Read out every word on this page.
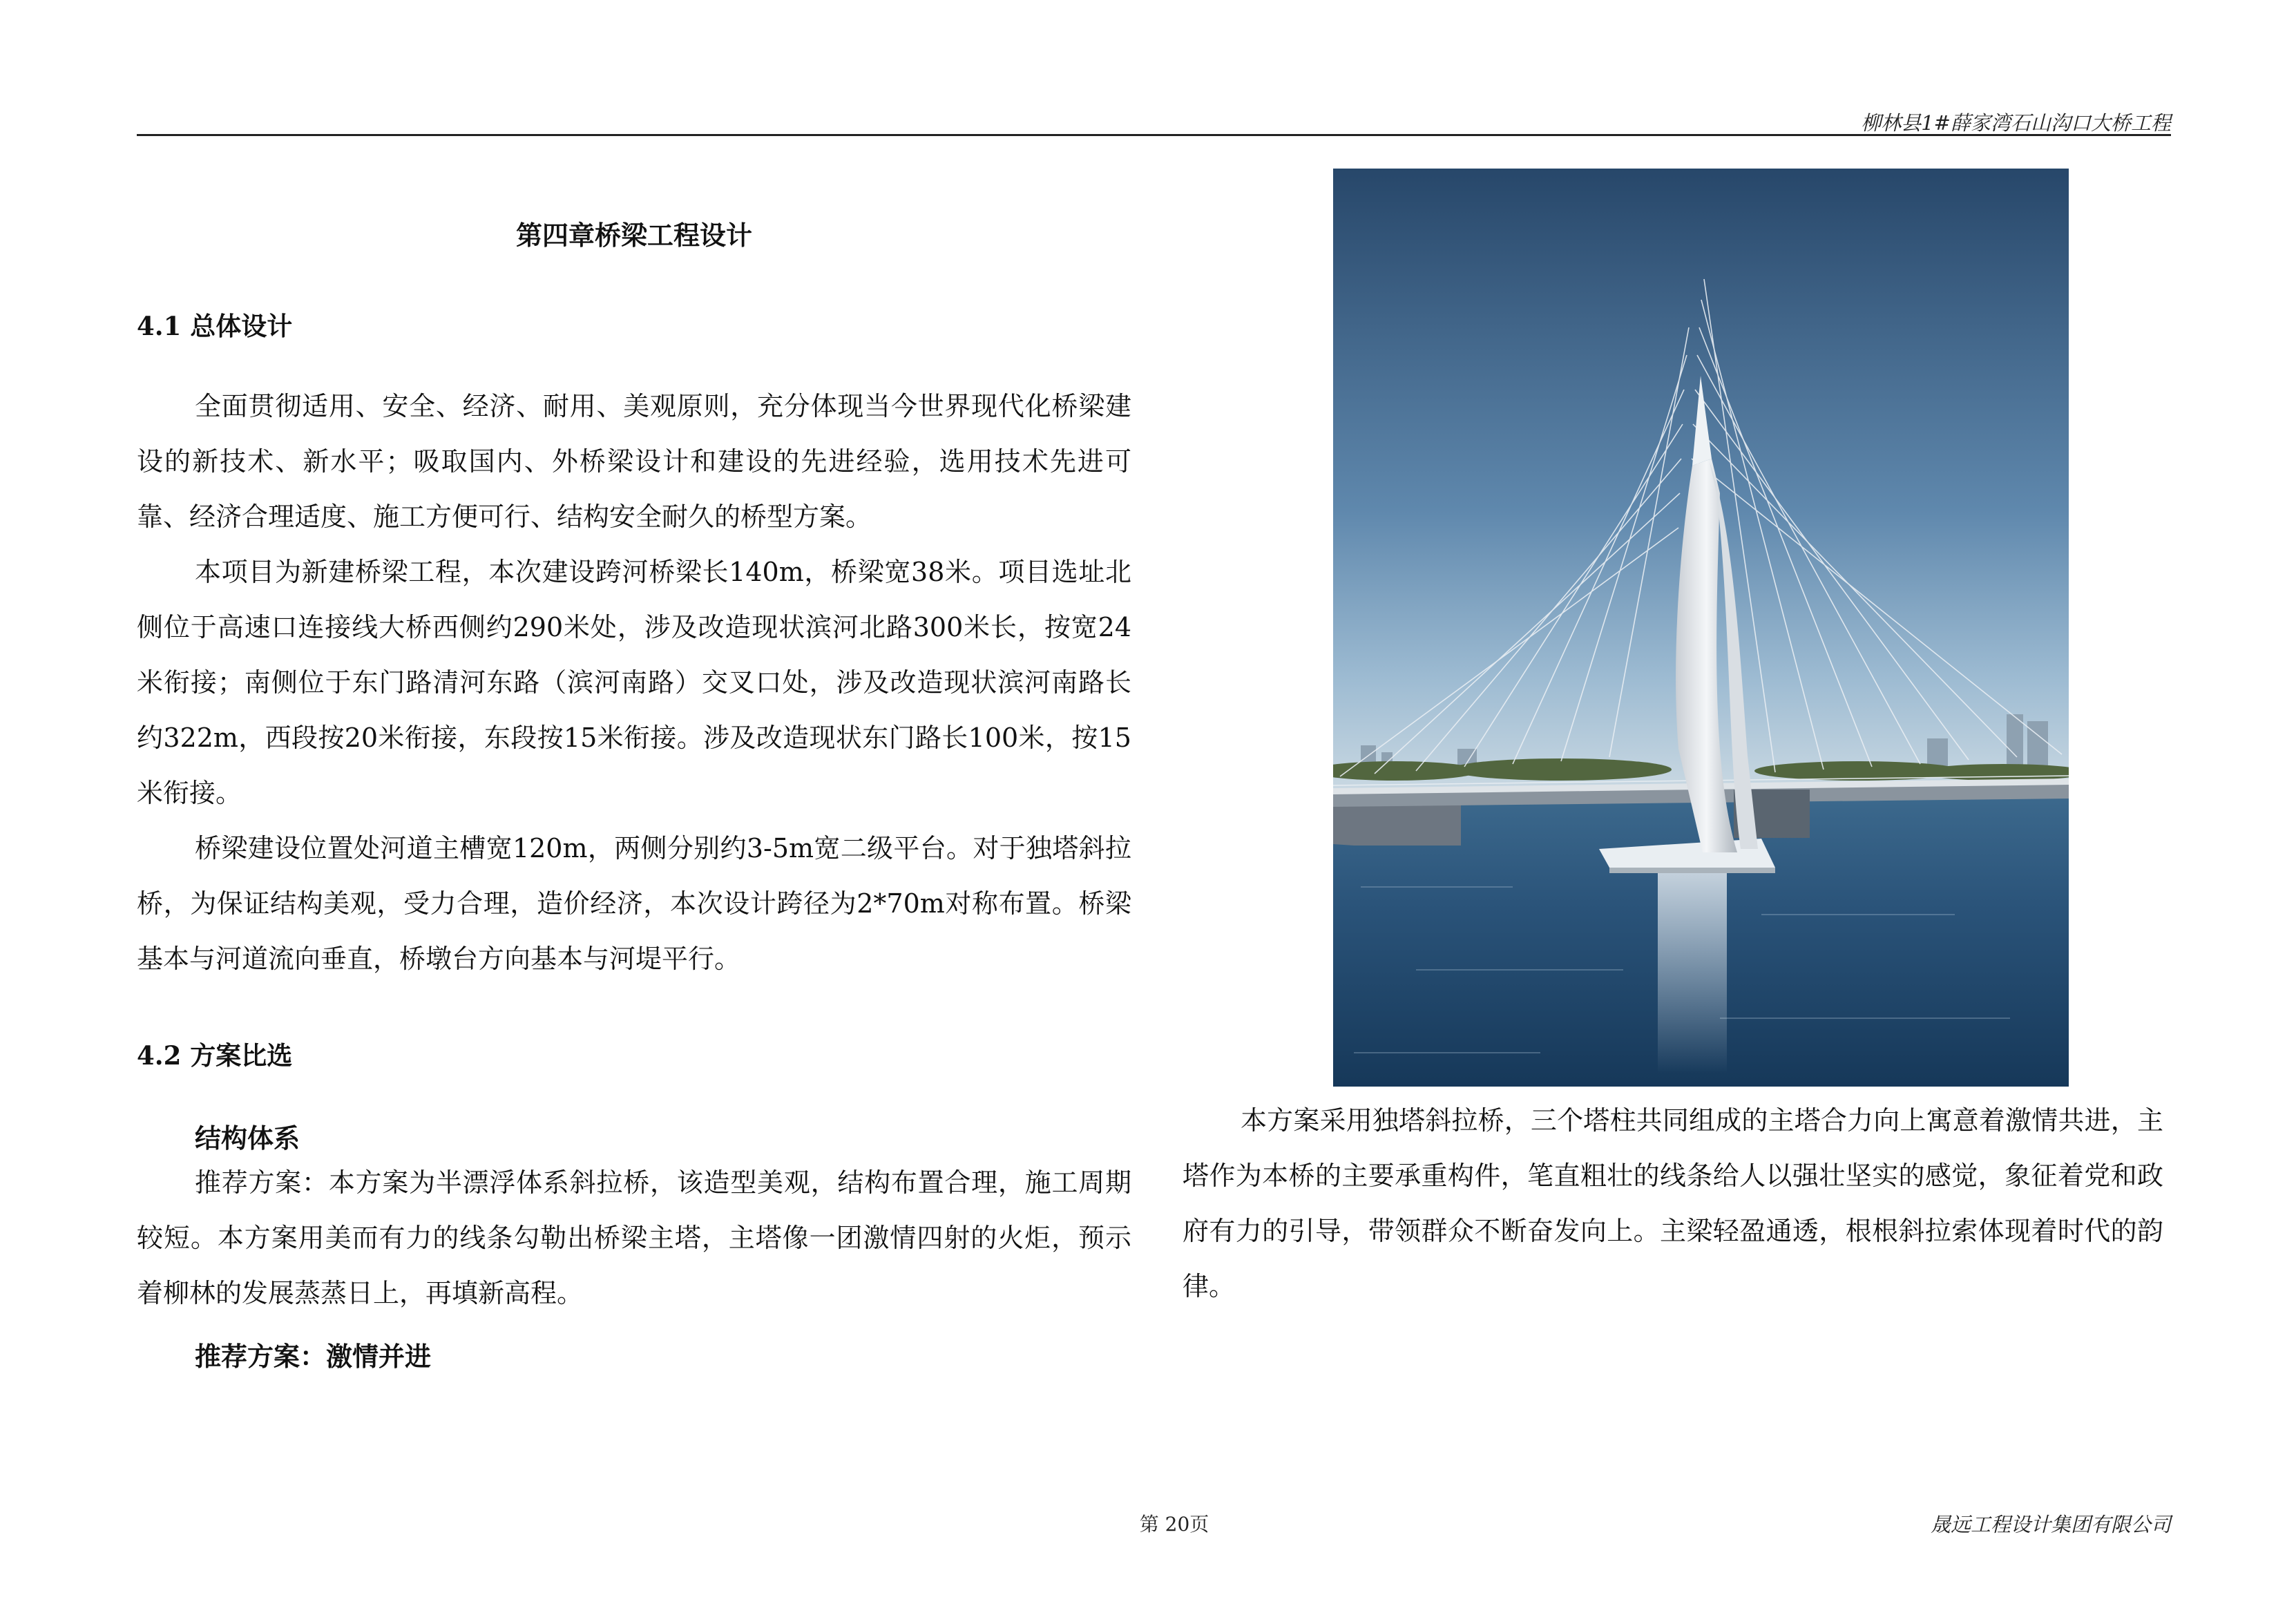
柳林县1#薛家湾石山沟口大桥工程
第四章桥梁工程设计
4.1 总体设计

全面贯彻适用、安全、经济、耐用、美观原则，充分体现当今世界现代化桥梁建设的新技术、新水平；吸取国内、外桥梁设计和建设的先进经验，选用技术先进可靠、经济合理适度、施工方便可行、结构安全耐久的桥型方案。

本项目为新建桥梁工程，本次建设跨河桥梁长140m，桥梁宽38米。项目选址北侧位于高速口连接线大桥西侧约290米处，涉及改造现状滨河北路300米长，按宽24米衔接；南侧位于东门路清河东路（滨河南路）交叉口处，涉及改造现状滨河南路长约322m，西段按20米衔接，东段按15米衔接。涉及改造现状东门路长100米，按15米衔接。

桥梁建设位置处河道主槽宽120m，两侧分别约3-5m宽二级平台。对于独塔斜拉桥，为保证结构美观，受力合理，造价经济，本次设计跨径为2*70m对称布置。桥梁基本与河道流向垂直，桥墩台方向基本与河堤平行。

4.2 方案比选
结构体系

推荐方案：本方案为半漂浮体系斜拉桥，该造型美观，结构布置合理，施工周期较短。本方案用美而有力的线条勾勒出桥梁主塔，主塔像一团激情四射的火炬，预示着柳林的发展蒸蒸日上，再填新高程。

推荐方案：激情并进

本方案采用独塔斜拉桥，三个塔柱共同组成的主塔合力向上寓意着激情共进，主塔作为本桥的主要承重构件，笔直粗壮的线条给人以强壮坚实的感觉，象征着党和政府有力的引导，带领群众不断奋发向上。主梁轻盈通透，根根斜拉索体现着时代的韵律。

第 20页	晟远工程设计集团有限公司
